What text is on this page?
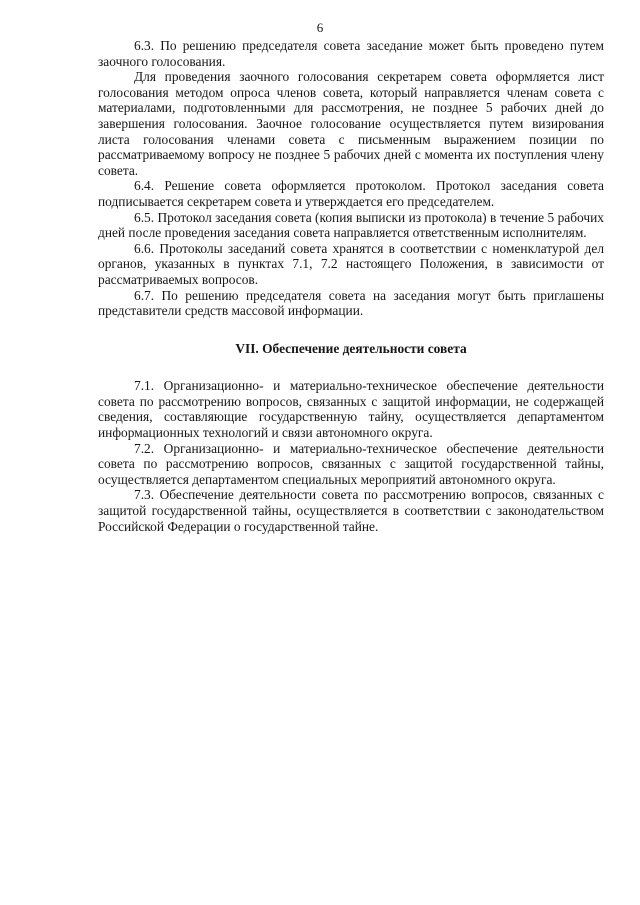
6

6.3. По решению председателя совета заседание может быть проведено путем заочного голосования.

Для проведения заочного голосования секретарем совета оформляется лист голосования методом опроса членов совета, который направляется членам совета с материалами, подготовленными для рассмотрения, не позднее 5 рабочих дней до завершения голосования. Заочное голосование осуществляется путем визирования листа голосования членами совета с письменным выражением позиции по рассматриваемому вопросу не позднее 5 рабочих дней с момента их поступления члену совета.

6.4. Решение совета оформляется протоколом. Протокол заседания совета подписывается секретарем совета и утверждается его председателем.

6.5. Протокол заседания совета (копия выписки из протокола) в течение 5 рабочих дней после проведения заседания совета направляется ответственным исполнителям.

6.6. Протоколы заседаний совета хранятся в соответствии с номенклатурой дел органов, указанных в пунктах 7.1, 7.2 настоящего Положения, в зависимости от рассматриваемых вопросов.

6.7. По решению председателя совета на заседания могут быть приглашены представители средств массовой информации.

VII. Обеспечение деятельности совета

7.1. Организационно- и материально-техническое обеспечение деятельности совета по рассмотрению вопросов, связанных с защитой информации, не содержащей сведения, составляющие государственную тайну, осуществляется департаментом информационных технологий и связи автономного округа.

7.2. Организационно- и материально-техническое обеспечение деятельности совета по рассмотрению вопросов, связанных с защитой государственной тайны, осуществляется департаментом специальных мероприятий автономного округа.

7.3. Обеспечение деятельности совета по рассмотрению вопросов, связанных с защитой государственной тайны, осуществляется в соответствии с законодательством Российской Федерации о государственной тайне.
